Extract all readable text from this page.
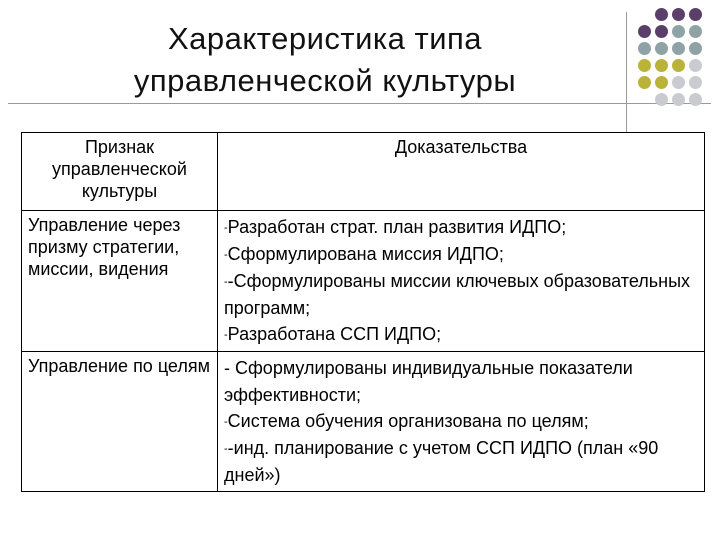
Характеристика типа
управленческой культуры
Признак управленческой культуры	Доказательства
Управление через призму стратегии, миссии, видения	-Разработан страт. план развития ИДПО;
-Сформулирована миссия ИДПО;
--Сформулированы миссии ключевых образовательных программ;
-Разработана ССП ИДПО;

Управление по целям	- Сформулированы индивидуальные показатели эффективности;
-Система обучения организована по целям;
--инд. планирование с учетом ССП ИДПО (план «90 дней»)
